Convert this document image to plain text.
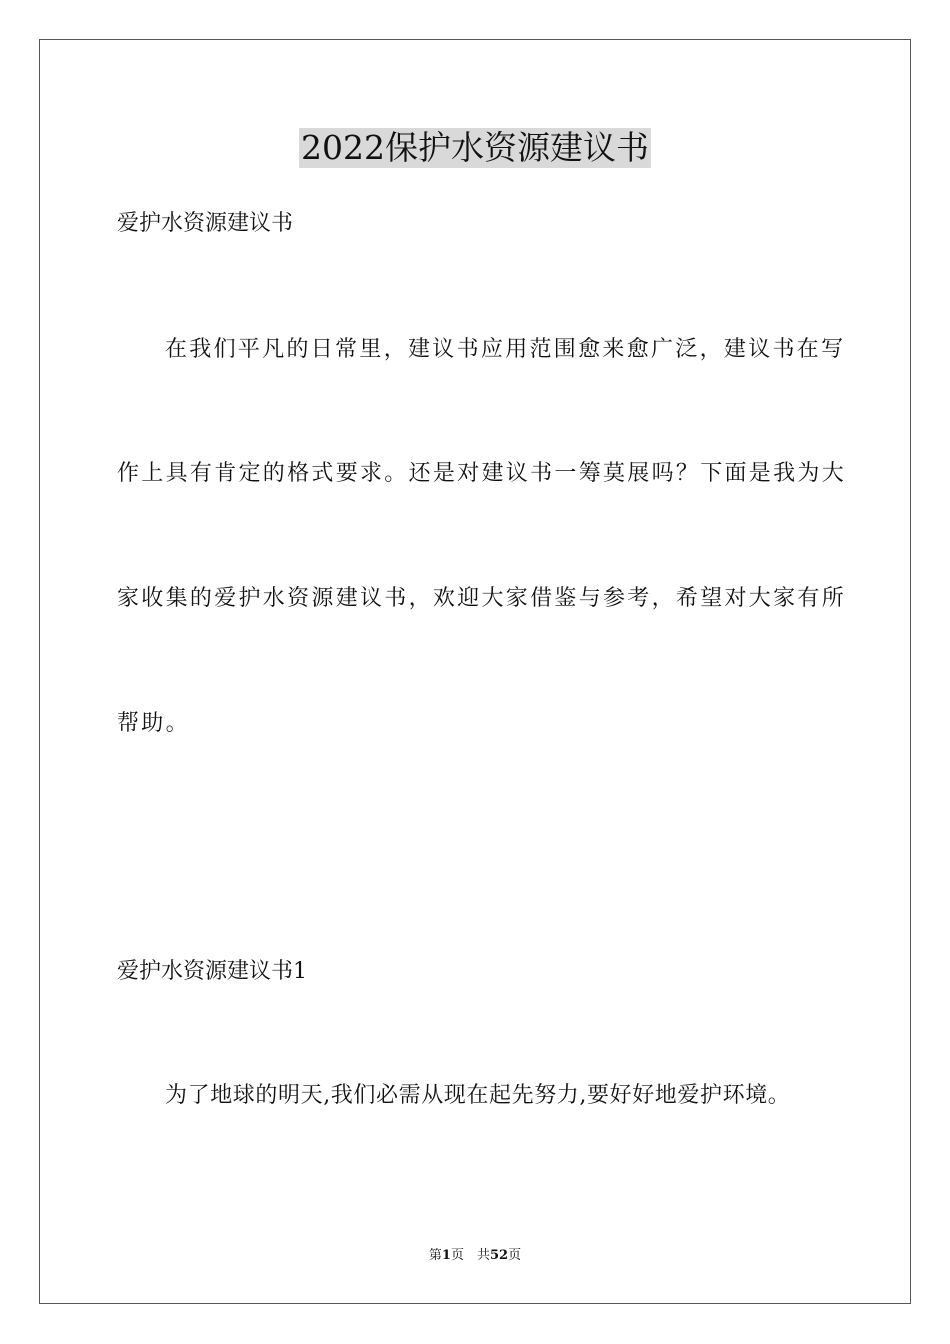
2022保护水资源建议书
爱护水资源建议书
在我们平凡的日常里，建议书应用范围愈来愈广泛，建议书在写
作上具有肯定的格式要求。还是对建议书一筹莫展吗？下面是我为大
家收集的爱护水资源建议书，欢迎大家借鉴与参考，希望对大家有所
帮助。
爱护水资源建议书1
为了地球的明天,我们必需从现在起先努力,要好好地爱护环境。
第1页　共52页
